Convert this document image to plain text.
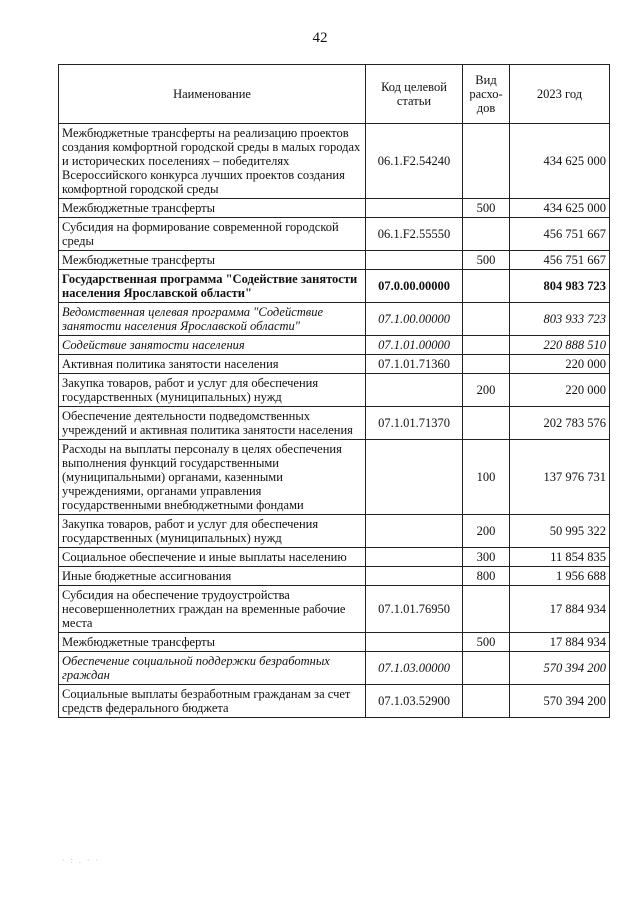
42
Наименование	Код целевой статьи	Вид расхо-дов	2023 год
Межбюджетные трансферты на реализацию проектов создания комфортной городской среды в малых городах и исторических поселениях – победителях Всероссийского конкурса лучших проектов создания комфортной городской среды	06.1.F2.54240		434 625 000
Межбюджетные трансферты		500	434 625 000
Субсидия на формирование современной городской среды	06.1.F2.55550		456 751 667
Межбюджетные трансферты		500	456 751 667
Государственная программа "Содействие занятости населения Ярославской области"	07.0.00.00000		804 983 723
Ведомственная целевая программа "Содействие занятости населения Ярославской области"	07.1.00.00000		803 933 723
Содействие занятости населения	07.1.01.00000		220 888 510
Активная политика занятости населения	07.1.01.71360		220 000
Закупка товаров, работ и услуг для обеспечения государственных (муниципальных) нужд		200	220 000
Обеспечение деятельности подведомственных учреждений и активная политика занятости населения	07.1.01.71370		202 783 576
Расходы на выплаты персоналу в целях обеспечения выполнения функций государственными (муниципальными) органами, казенными учреждениями, органами управления государственными внебюджетными фондами		100	137 976 731
Закупка товаров, работ и услуг для обеспечения государственных (муниципальных) нужд		200	50 995 322
Социальное обеспечение и иные выплаты населению		300	11 854 835
Иные бюджетные ассигнования		800	1 956 688
Субсидия на обеспечение трудоустройства несовершеннолетних граждан на временные рабочие места	07.1.01.76950		17 884 934
Межбюджетные трансферты		500	17 884 934
Обеспечение социальной поддержки безработных граждан	07.1.03.00000		570 394 200
Социальные выплаты безработным гражданам за счет средств федерального бюджета	07.1.03.52900		570 394 200
· : . · ·
